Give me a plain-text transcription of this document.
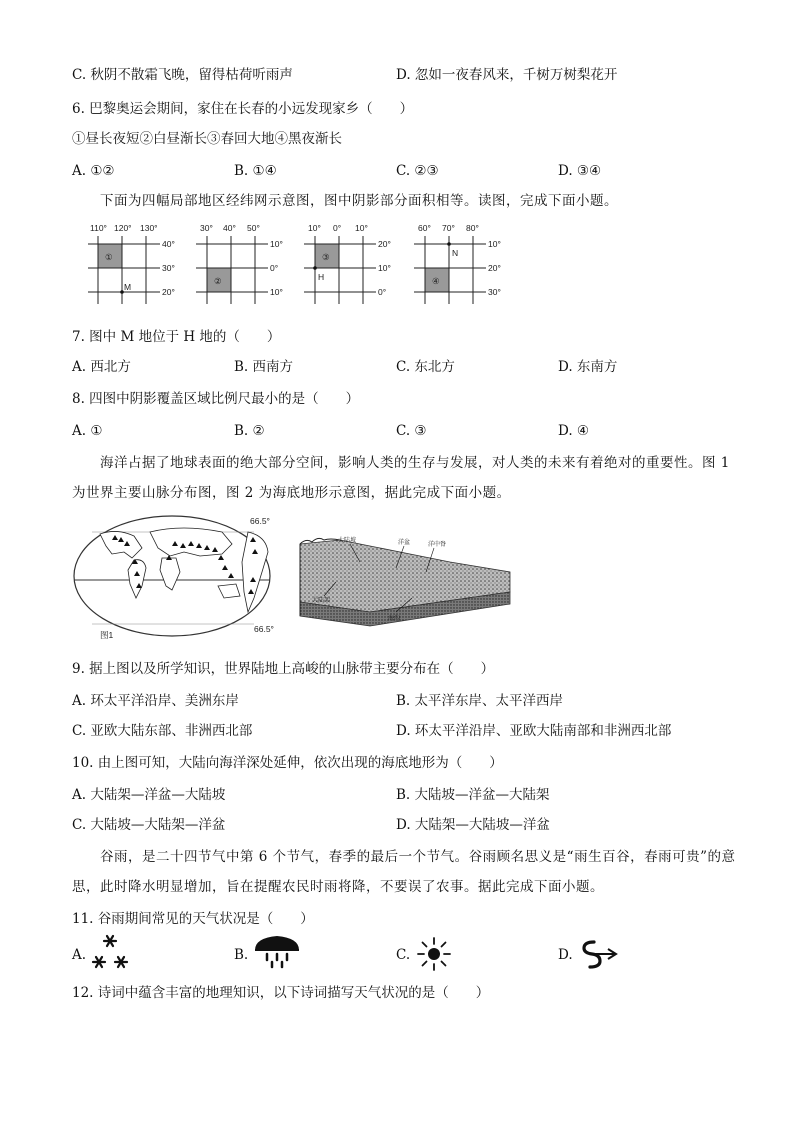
C. 秋阴不散霜飞晚，留得枯荷听雨声	D. 忽如一夜春风来，千树万树梨花开
6. 巴黎奥运会期间，家住在长春的小远发现家乡（　　）
①昼长夜短②白昼渐长③春回大地④黑夜渐长
A. ①②	B. ①④	C. ②③	D. ③④
下面为四幅局部地区经纬网示意图，图中阴影部分面积相等。读图，完成下面小题。
110° 120° 130°
40°
30°
20°
①
M
30° 40° 50°
10°
0°
10°
②
10° 0° 10°
20°
10°
0°
③
H
60° 70° 80°
10°
20°
30°
④
N
7. 图中 M 地位于 H 地的（　　）
A. 西北方	B. 西南方	C. 东北方	D. 东南方
8. 四图中阴影覆盖区域比例尺最小的是（　　）
A. ①	B. ②	C. ③	D. ④
海洋占据了地球表面的绝大部分空间，影响人类的生存与发展，对人类的未来有着绝对的重要性。图 1
为世界主要山脉分布图，图 2 为海底地形示意图，据此完成下面小题。
66.5°
66.5°
图1
大陆坡	洋盆	洋中脊
大陆架
海沟
9. 据上图以及所学知识，世界陆地上高峻的山脉带主要分布在（　　）
A. 环太平洋沿岸、美洲东岸	B. 太平洋东岸、太平洋西岸
C. 亚欧大陆东部、非洲西北部	D. 环太平洋沿岸、亚欧大陆南部和非洲西北部
10. 由上图可知，大陆向海洋深处延伸，依次出现的海底地形为（　　）
A. 大陆架—洋盆—大陆坡	B. 大陆坡—洋盆—大陆架
C. 大陆坡—大陆架—洋盆	D. 大陆架—大陆坡—洋盆
谷雨，是二十四节气中第 6 个节气，春季的最后一个节气。谷雨顾名思义是“雨生百谷，春雨可贵”的意
思，此时降水明显增加，旨在提醒农民时雨将降，不要误了农事。据此完成下面小题。
11. 谷雨期间常见的天气状况是（　　）
A.	B.	C.	D.
12. 诗词中蕴含丰富的地理知识，以下诗词描写天气状况的是（　　）
